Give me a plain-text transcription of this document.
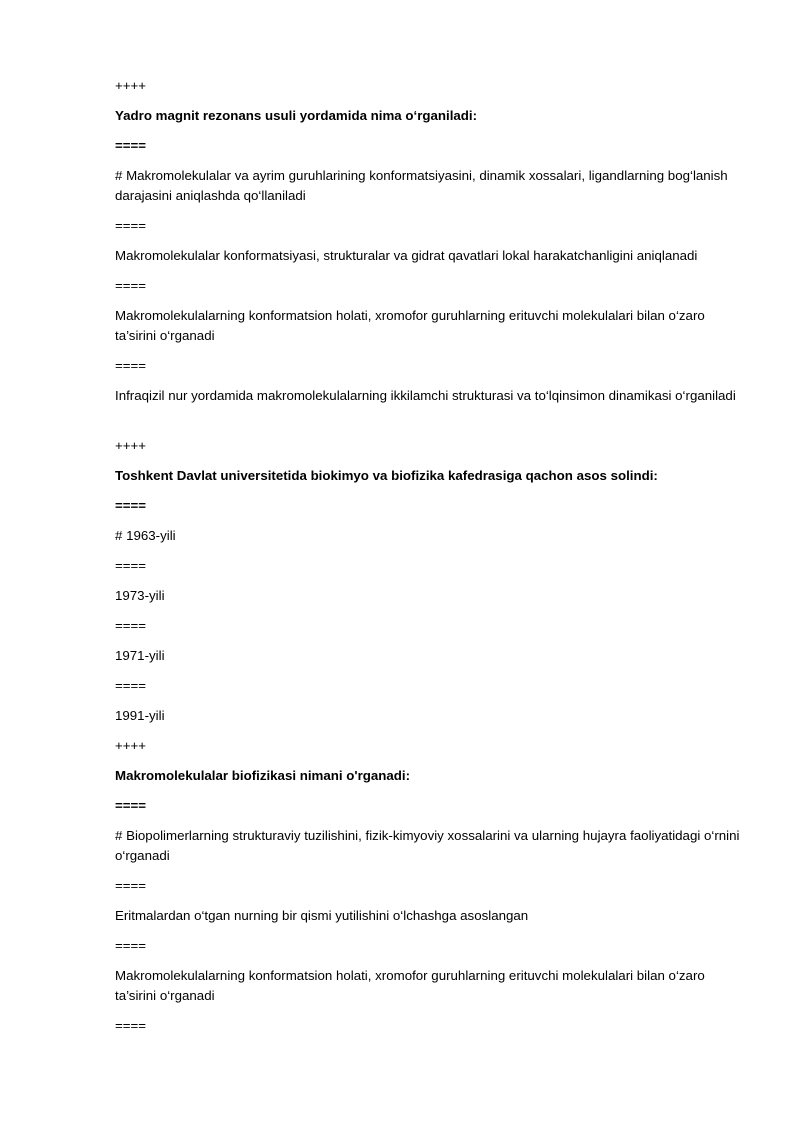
++++
Yadro magnit rezonans usuli yordamida nima o‘rganiladi:
====
# Makromolekulalar va ayrim guruhlarining konformatsiyasini, dinamik xossalari, ligandlarning bog‘lanish darajasini aniqlashda qo‘llaniladi
====
Makromolekulalar konformatsiyasi, strukturalar va gidrat qavatlari lokal harakatchanligini aniqlanadi
====
Makromolekulalarning konformatsion holati, xromofor guruhlarning erituvchi molekulalari bilan o‘zaro ta’sirini o‘rganadi
====
Infraqizil nur yordamida makromolekulalarning ikkilamchi strukturasi va to‘lqinsimon dinamikasi o‘rganiladi
++++
Toshkent Davlat universitetida biokimyo va biofizika kafedrasiga qachon asos solindi:
====
# 1963-yili
====
1973-yili
====
1971-yili
====
1991-yili
++++
Makromolekulalar biofizikasi nimani o'rganadi:
====
# Biopolimerlarning strukturaviy tuzilishini, fizik-kimyoviy xossalarini va ularning hujayra faoliyatidagi o‘rnini o‘rganadi
====
Eritmalardan o‘tgan nurning bir qismi yutilishini o‘lchashga asoslangan
====
Makromolekulalarning konformatsion holati, xromofor guruhlarning erituvchi molekulalari bilan o‘zaro ta’sirini o‘rganadi
====
